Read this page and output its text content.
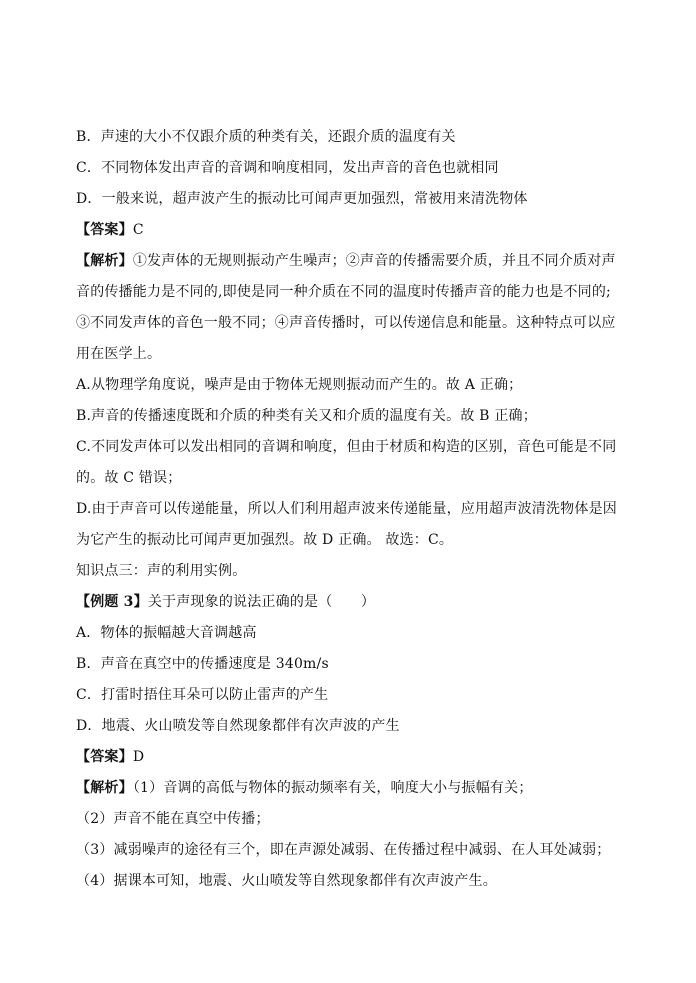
B．声速的大小不仅跟介质的种类有关，还跟介质的温度有关
C．不同物体发出声音的音调和响度相同，发出声音的音色也就相同
D．一般来说，超声波产生的振动比可闻声更加强烈，常被用来清洗物体
【答案】C
【解析】①发声体的无规则振动产生噪声；②声音的传播需要介质，并且不同介质对声
音的传播能力是不同的,即使是同一种介质在不同的温度时传播声音的能力也是不同的;
③不同发声体的音色一般不同；④声音传播时，可以传递信息和能量。这种特点可以应
用在医学上。
A.从物理学角度说，噪声是由于物体无规则振动而产生的。故 A 正确；
B.声音的传播速度既和介质的种类有关又和介质的温度有关。故 B 正确；
C.不同发声体可以发出相同的音调和响度，但由于材质和构造的区别，音色可能是不同
的。故 C 错误；
D.由于声音可以传递能量，所以人们利用超声波来传递能量，应用超声波清洗物体是因
为它产生的振动比可闻声更加强烈。故 D 正确。 故选：C。
知识点三：声的利用实例。
【例题 3】关于声现象的说法正确的是（　　）
A．物体的振幅越大音调越高
B．声音在真空中的传播速度是 340m/s
C．打雷时捂住耳朵可以防止雷声的产生
D．地震、火山喷发等自然现象都伴有次声波的产生
【答案】D
【解析】（1）音调的高低与物体的振动频率有关，响度大小与振幅有关；
（2）声音不能在真空中传播；
（3）减弱噪声的途径有三个，即在声源处减弱、在传播过程中减弱、在人耳处减弱；
（4）据课本可知，地震、火山喷发等自然现象都伴有次声波产生。
